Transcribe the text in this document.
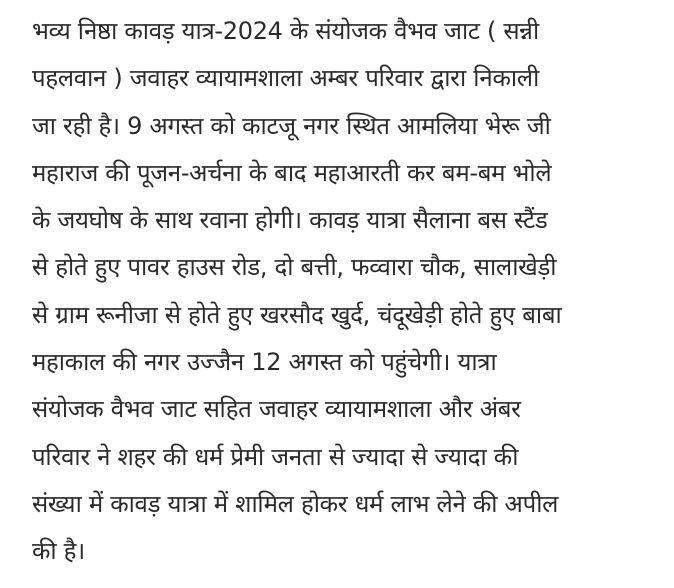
भव्य निष्ठा कावड़ यात्र-2024 के संयोजक वैभव जाट ( सन्नी
पहलवान ) जवाहर व्यायामशाला अम्बर परिवार द्वारा निकाली
जा रही है। 9 अगस्त को काटजू नगर स्थित आमलिया भेरू जी
महाराज की पूजन-अर्चना के बाद महाआरती कर बम-बम भोले
के जयघोष के साथ रवाना होगी। कावड़ यात्रा सैलाना बस स्टैंड
से होते हुए पावर हाउस रोड, दो बत्ती, फव्वारा चौक, सालाखेड़ी
से ग्राम रूनीजा से होते हुए खरसौद खुर्द, चंदूखेड़ी होते हुए बाबा
महाकाल की नगर उज्जैन 12 अगस्त को पहुंचेगी। यात्रा
संयोजक वैभव जाट सहित जवाहर व्यायामशाला और अंबर
परिवार ने शहर की धर्म प्रेमी जनता से ज्यादा से ज्यादा की
संख्या में कावड़ यात्रा में शामिल होकर धर्म लाभ लेने की अपील
की है।
